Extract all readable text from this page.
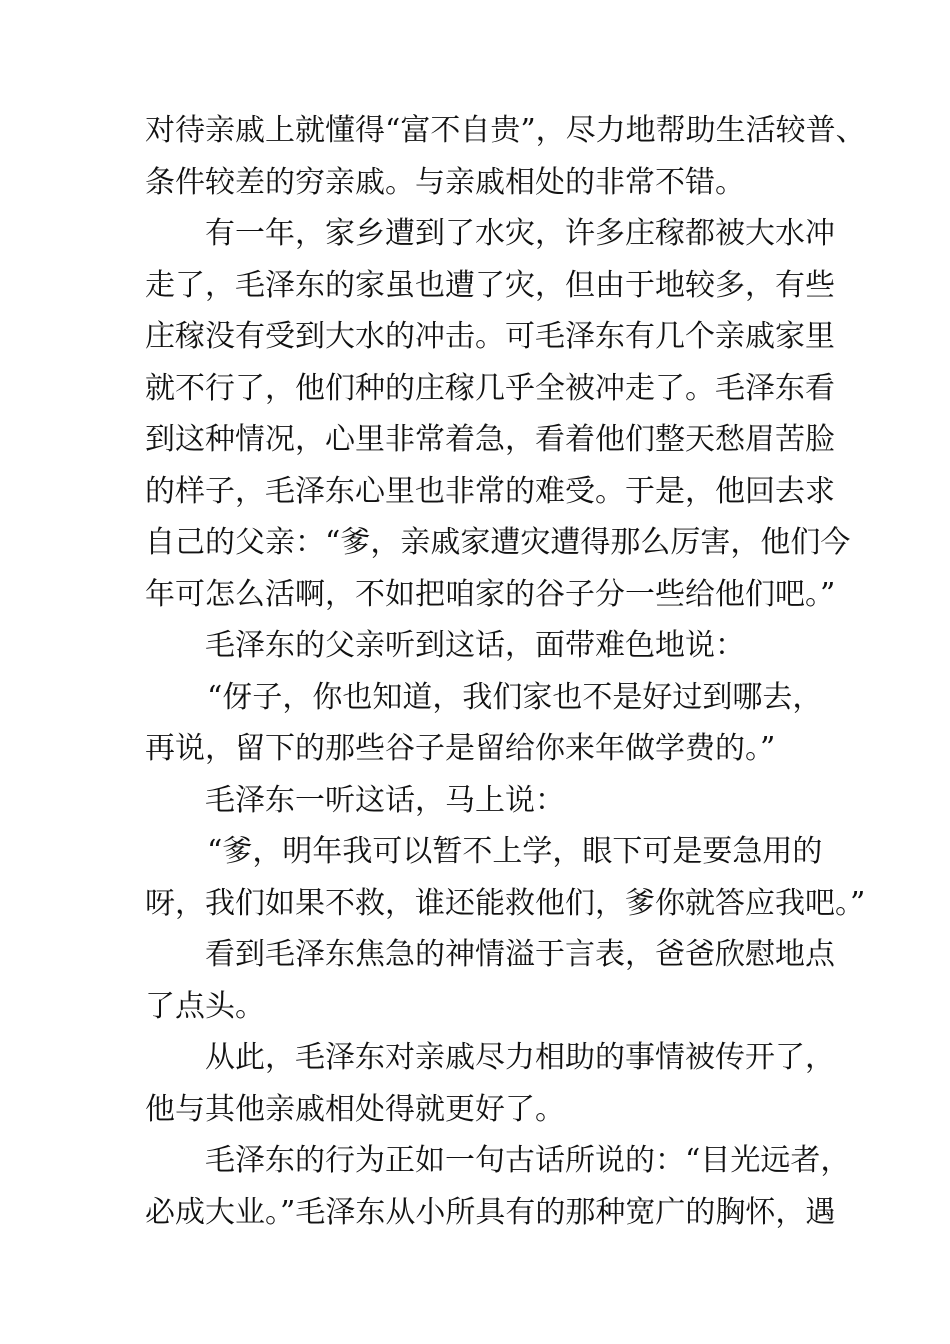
对待亲戚上就懂得“富不自贵”，尽力地帮助生活较普、
条件较差的穷亲戚。与亲戚相处的非常不错。
有一年，家乡遭到了水灾，许多庄稼都被大水冲
走了，毛泽东的家虽也遭了灾，但由于地较多，有些
庄稼没有受到大水的冲击。可毛泽东有几个亲戚家里
就不行了，他们种的庄稼几乎全被冲走了。毛泽东看
到这种情况，心里非常着急，看着他们整天愁眉苦脸
的样子，毛泽东心里也非常的难受。于是，他回去求
自己的父亲：“爹，亲戚家遭灾遭得那么厉害，他们今
年可怎么活啊，不如把咱家的谷子分一些给他们吧。”
毛泽东的父亲听到这话，面带难色地说：
“伢子，你也知道，我们家也不是好过到哪去，
再说，留下的那些谷子是留给你来年做学费的。”
毛泽东一听这话，马上说：
“爹，明年我可以暂不上学，眼下可是要急用的
呀，我们如果不救，谁还能救他们，爹你就答应我吧。”
看到毛泽东焦急的神情溢于言表，爸爸欣慰地点
了点头。
从此，毛泽东对亲戚尽力相助的事情被传开了，
他与其他亲戚相处得就更好了。
毛泽东的行为正如一句古话所说的：“目光远者，
必成大业。”毛泽东从小所具有的那种宽广的胸怀，遇
